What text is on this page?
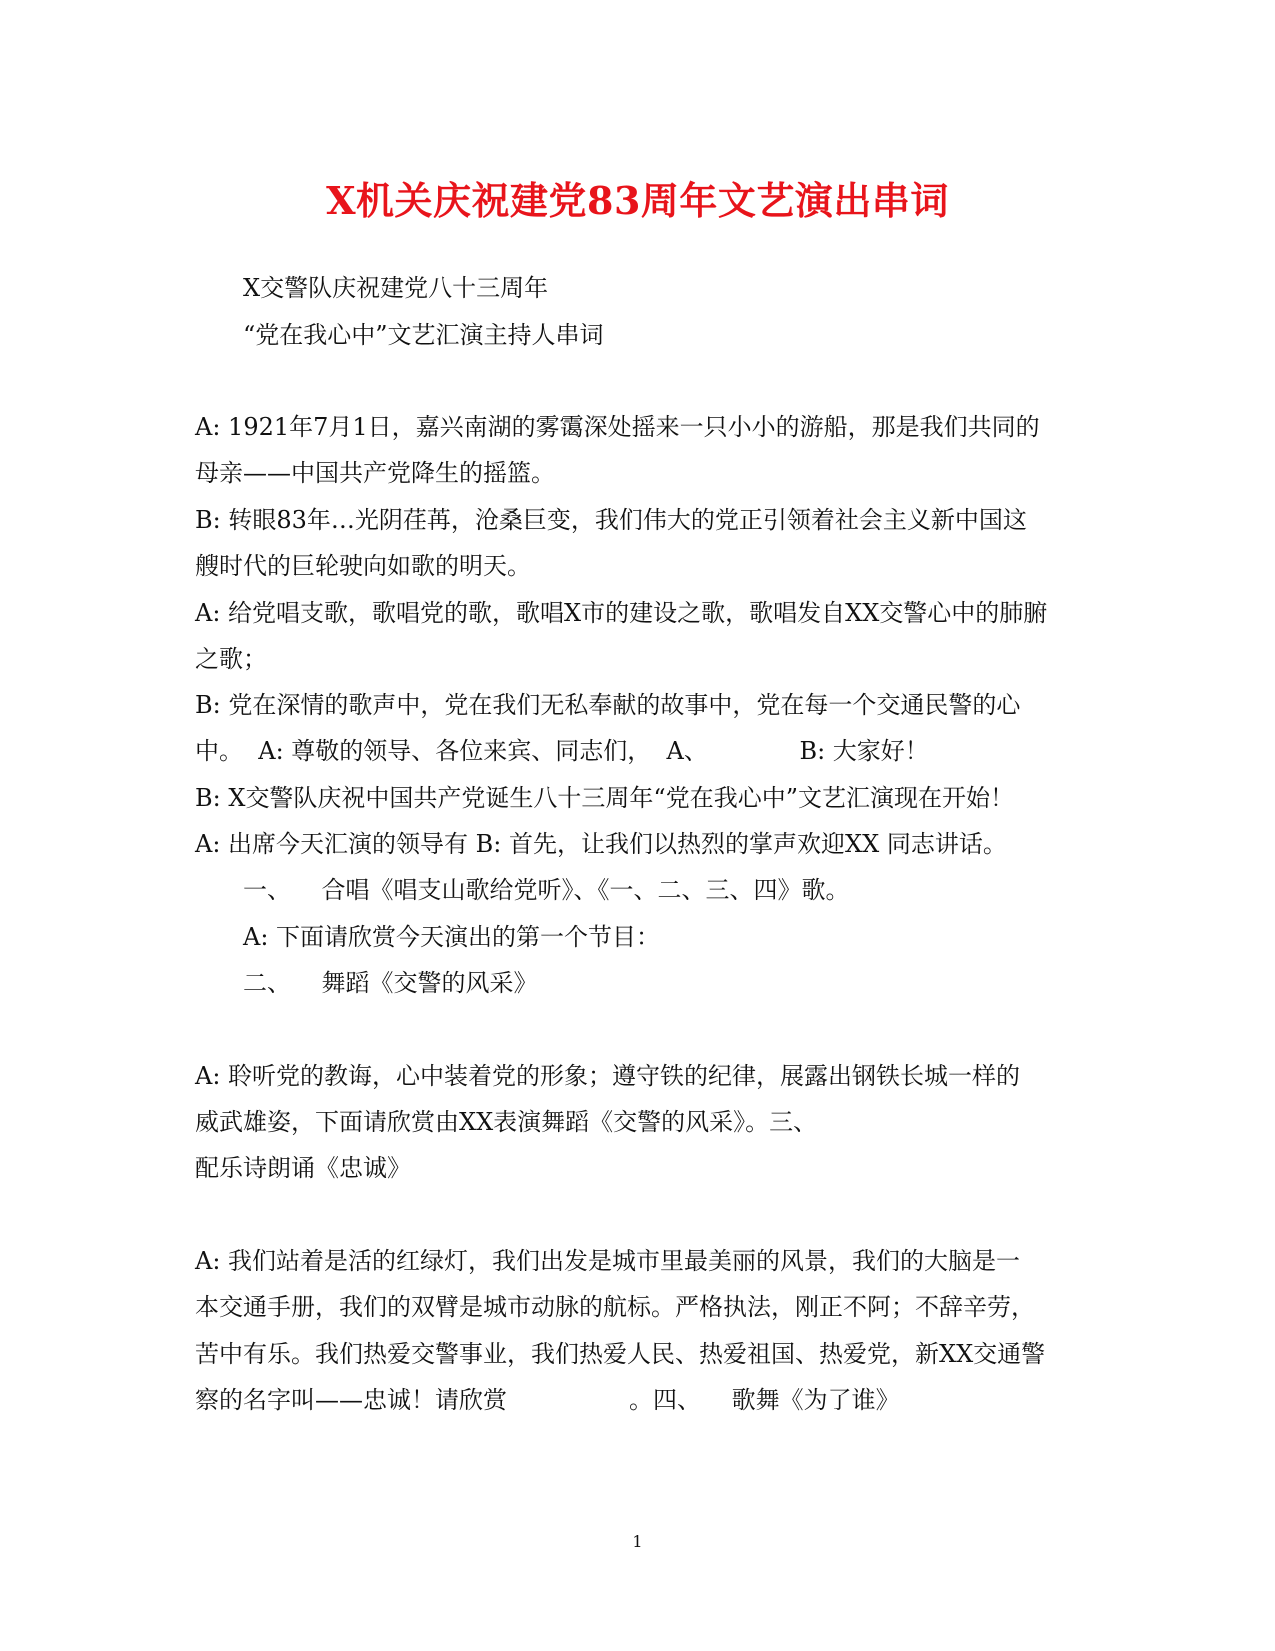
X机关庆祝建党83周年文艺演出串词
X交警队庆祝建党八十三周年
“党在我心中”文艺汇演主持人串词
A: 1921年7月1日，嘉兴南湖的雾霭深处摇来一只小小的游船，那是我们共同的
母亲——中国共产党降生的摇篮。
B: 转眼83年…光阴荏苒，沧桑巨变，我们伟大的党正引领着社会主义新中国这
艘时代的巨轮驶向如歌的明天。
A: 给党唱支歌，歌唱党的歌，歌唱X市的建设之歌，歌唱发自XX交警心中的肺腑
之歌；
B: 党在深情的歌声中，党在我们无私奉献的故事中，党在每一个交通民警的心
中。  A: 尊敬的领导、各位来宾、同志们，  A、            B: 大家好！
B: X交警队庆祝中国共产党诞生八十三周年“党在我心中”文艺汇演现在开始！
A: 出席今天汇演的领导有 B: 首先，让我们以热烈的掌声欢迎XX 同志讲话。
一、    合唱《唱支山歌给党听》、《一、二、三、四》歌。
A: 下面请欣赏今天演出的第一个节目：
二、    舞蹈《交警的风采》
A: 聆听党的教诲，心中装着党的形象；遵守铁的纪律，展露出钢铁长城一样的
威武雄姿，下面请欣赏由XX表演舞蹈《交警的风采》。三、
配乐诗朗诵《忠诚》
A: 我们站着是活的红绿灯，我们出发是城市里最美丽的风景，我们的大脑是一
本交通手册，我们的双臂是城市动脉的航标。严格执法，刚正不阿；不辞辛劳，
苦中有乐。我们热爱交警事业，我们热爱人民、热爱祖国、热爱党，新XX交通警
察的名字叫——忠诚！请欣赏                。四、    歌舞《为了谁》
1
